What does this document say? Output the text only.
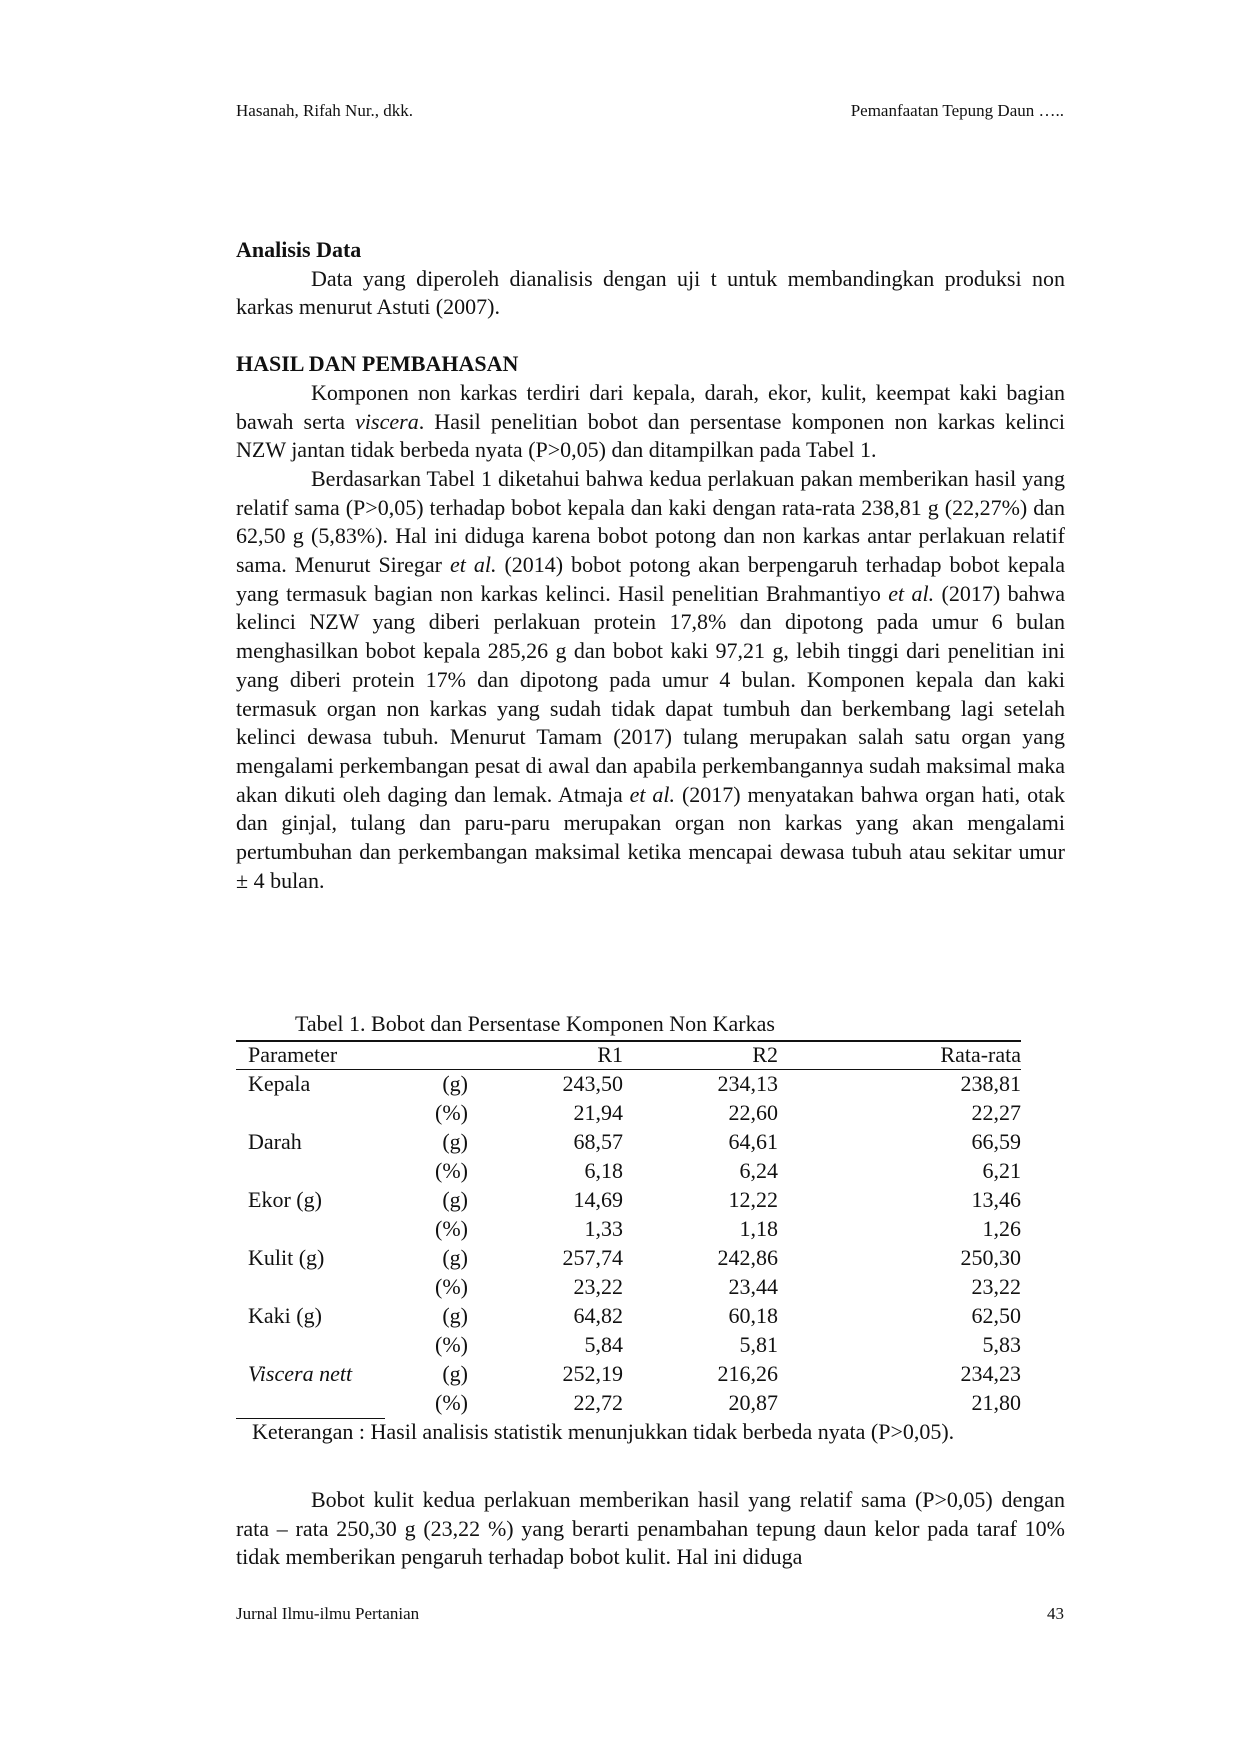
Hasanah, Rifah Nur., dkk.	Pemanfaatan Tepung Daun …..
Analisis Data

Data yang diperoleh dianalisis dengan uji t untuk membandingkan produksi non karkas menurut Astuti (2007).

HASIL DAN PEMBAHASAN

Komponen non karkas terdiri dari kepala, darah, ekor, kulit, keempat kaki bagian bawah serta viscera. Hasil penelitian bobot dan persentase komponen non karkas kelinci NZW jantan tidak berbeda nyata (P>0,05) dan ditampilkan pada Tabel 1.

Berdasarkan Tabel 1 diketahui bahwa kedua perlakuan pakan memberikan hasil yang relatif sama (P>0,05) terhadap bobot kepala dan kaki dengan rata-rata 238,81 g (22,27%) dan 62,50 g (5,83%). Hal ini diduga karena bobot potong dan non karkas antar perlakuan relatif sama. Menurut Siregar et al. (2014) bobot potong akan berpengaruh terhadap bobot kepala yang termasuk bagian non karkas kelinci. Hasil penelitian Brahmantiyo et al. (2017) bahwa kelinci NZW yang diberi perlakuan protein 17,8% dan dipotong pada umur 6 bulan menghasilkan bobot kepala 285,26 g dan bobot kaki 97,21 g, lebih tinggi dari penelitian ini yang diberi protein 17% dan dipotong pada umur 4 bulan. Komponen kepala dan kaki termasuk organ non karkas yang sudah tidak dapat tumbuh dan berkembang lagi setelah kelinci dewasa tubuh. Menurut Tamam (2017) tulang merupakan salah satu organ yang mengalami perkembangan pesat di awal dan apabila perkembangannya sudah maksimal maka akan dikuti oleh daging dan lemak. Atmaja et al. (2017) menyatakan bahwa organ hati, otak dan ginjal, tulang dan paru-paru merupakan organ non karkas yang akan mengalami pertumbuhan dan perkembangan maksimal ketika mencapai dewasa tubuh atau sekitar umur ± 4 bulan.

Tabel 1. Bobot dan Persentase Komponen Non Karkas
Parameter		R1	R2	Rata-rata
Kepala	(g)	243,50	234,13	238,81
	(%)	21,94	22,60	22,27
Darah	(g)	68,57	64,61	66,59
	(%)	6,18	6,24	6,21
Ekor (g)	(g)	14,69	12,22	13,46
	(%)	1,33	1,18	1,26
Kulit (g)	(g)	257,74	242,86	250,30
	(%)	23,22	23,44	23,22
Kaki (g)	(g)	64,82	60,18	62,50
	(%)	5,84	5,81	5,83
Viscera nett	(g)	252,19	216,26	234,23
	(%)	22,72	20,87	21,80
Keterangan : Hasil analisis statistik menunjukkan tidak berbeda nyata (P>0,05).

Bobot kulit kedua perlakuan memberikan hasil yang relatif sama (P>0,05) dengan rata – rata 250,30 g (23,22 %) yang berarti penambahan tepung daun kelor pada taraf 10% tidak memberikan pengaruh terhadap bobot kulit. Hal ini diduga

Jurnal Ilmu-ilmu Pertanian	43
